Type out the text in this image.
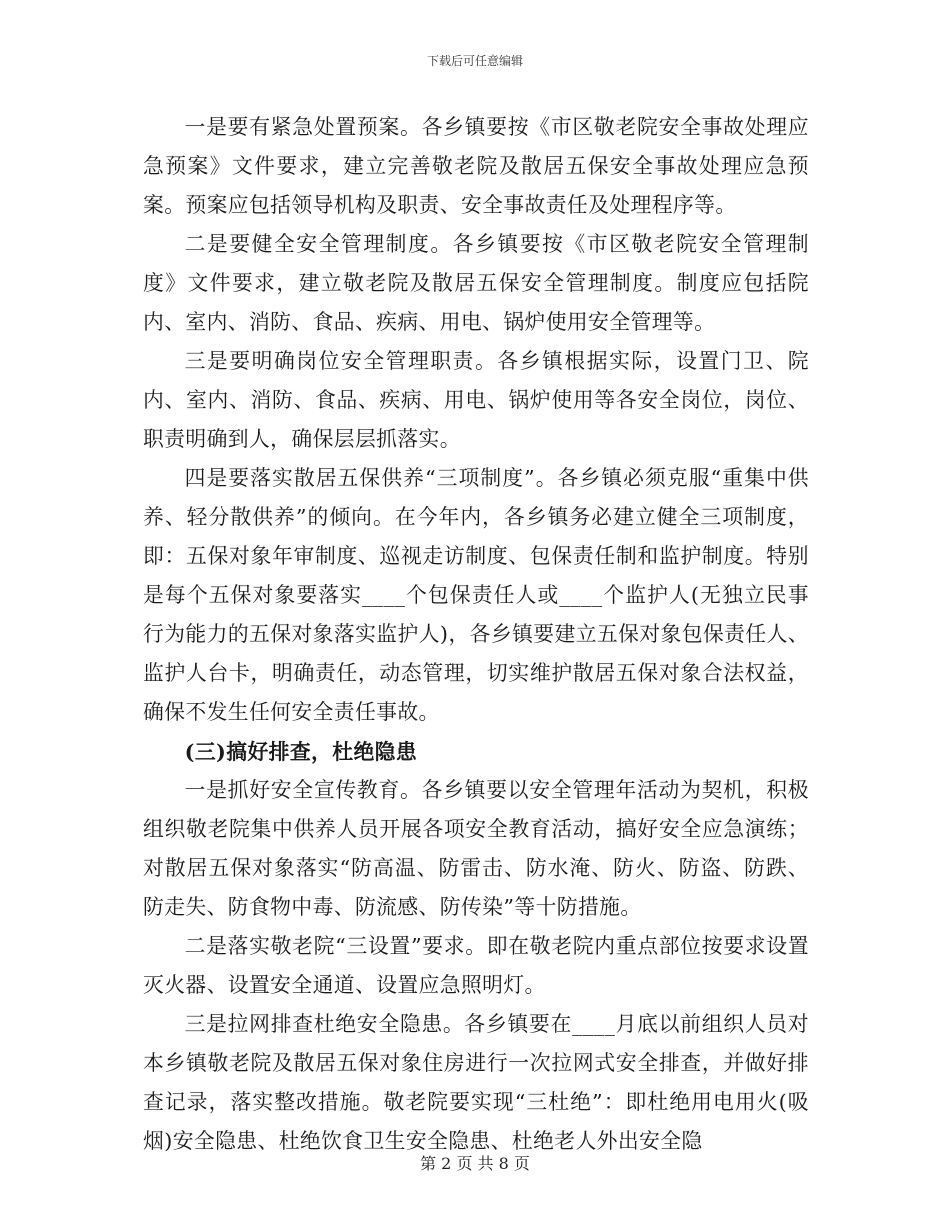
下载后可任意编辑

一是要有紧急处置预案。各乡镇要按《市区敬老院安全事故处理应急预案》文件要求，建立完善敬老院及散居五保安全事故处理应急预案。预案应包括领导机构及职责、安全事故责任及处理程序等。

二是要健全安全管理制度。各乡镇要按《市区敬老院安全管理制度》文件要求，建立敬老院及散居五保安全管理制度。制度应包括院内、室内、消防、食品、疾病、用电、锅炉使用安全管理等。

三是要明确岗位安全管理职责。各乡镇根据实际，设置门卫、院内、室内、消防、食品、疾病、用电、锅炉使用等各安全岗位，岗位、职责明确到人，确保层层抓落实。

四是要落实散居五保供养“三项制度”。各乡镇必须克服“重集中供养、轻分散供养”的倾向。在今年内，各乡镇务必建立健全三项制度，即：五保对象年审制度、巡视走访制度、包保责任制和监护制度。特别是每个五保对象要落实____个包保责任人或____个监护人(无独立民事行为能力的五保对象落实监护人)，各乡镇要建立五保对象包保责任人、监护人台卡，明确责任，动态管理，切实维护散居五保对象合法权益，确保不发生任何安全责任事故。

(三)搞好排查，杜绝隐患

一是抓好安全宣传教育。各乡镇要以安全管理年活动为契机，积极组织敬老院集中供养人员开展各项安全教育活动，搞好安全应急演练；对散居五保对象落实“防高温、防雷击、防水淹、防火、防盗、防跌、防走失、防食物中毒、防流感、防传染”等十防措施。

二是落实敬老院“三设置”要求。即在敬老院内重点部位按要求设置灭火器、设置安全通道、设置应急照明灯。

三是拉网排查杜绝安全隐患。各乡镇要在____月底以前组织人员对本乡镇敬老院及散居五保对象住房进行一次拉网式安全排查，并做好排查记录，落实整改措施。敬老院要实现“三杜绝”：即杜绝用电用火(吸烟)安全隐患、杜绝饮食卫生安全隐患、杜绝老人外出安全隐

第 2 页 共 8 页
